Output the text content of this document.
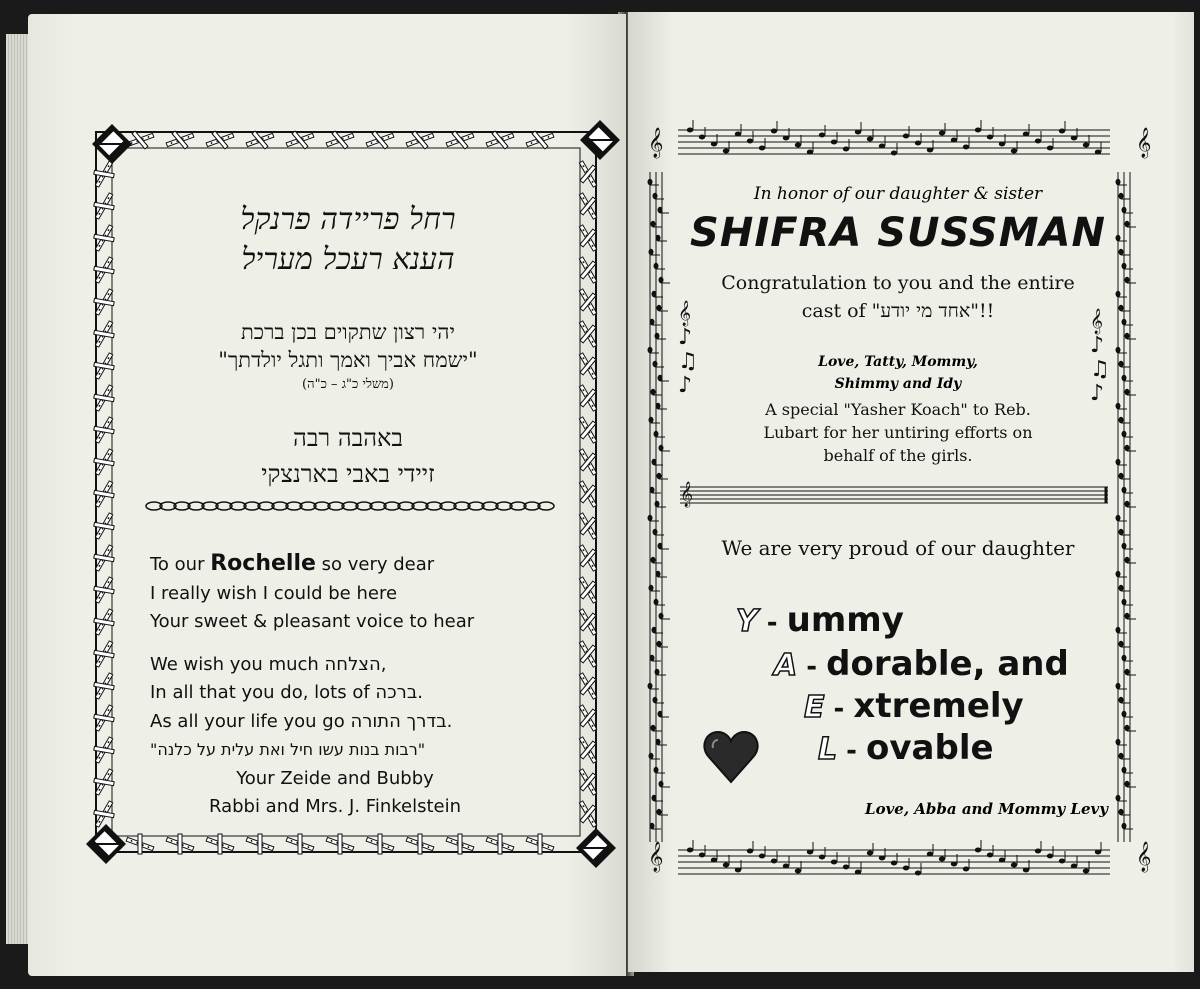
רחל פריידה פרנקל
הענא רעכל מעריל
יהי רצון שתקוים בכן ברכת
"ישמח אביך ואמך ותגל יולדתך"
(משלי כ"ג – כ"ה)
באהבה רבה
זיידי באבי בארנצקי
To our Rochelle so very dear
I really wish I could be here
Your sweet & pleasant voice to hear
We wish you much הצלחה,
In all that you do, lots of ברכה.
As all your life you go בדרך התורה.
"רבות בנות עשו חיל ואת עלית על כלנה"
Your Zeide and Bubby
Rabbi and Mrs. J. Finkelstein
𝄞	𝄞
𝄞	𝄞
𝄞
♪
♫
♪
𝄞
♪
♫
♪
𝄞
In honor of our daughter & sister
SHIFRA SUSSMAN
Congratulation to you and the entire
cast of "אחד מי יודע"!!
Love, Tatty, Mommy,
Shimmy and Idy
A special "Yasher Koach" to Reb.
Lubart for her untiring efforts on
behalf of the girls.
We are very proud of our daughter
Y - ummy
A - dorable, and
E - xtremely
L - ovable
Love, Abba and Mommy Levy
